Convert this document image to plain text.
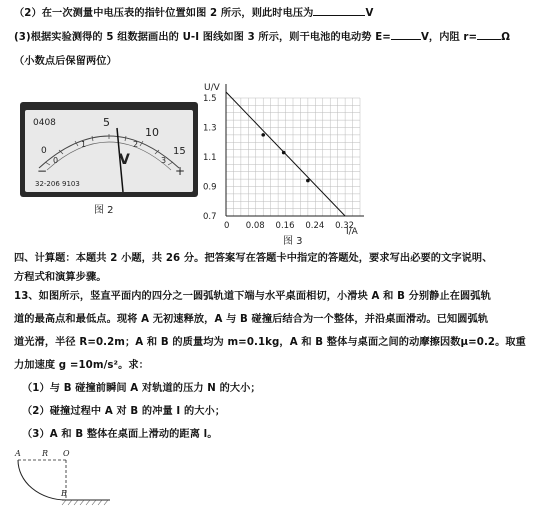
（2）在一次测量中电压表的指针位置如图 2 所示，则此时电压为	V
(3)根据实验测得的 5 组数据画出的 U-I 图线如图 3 所示，则干电池的电动势 E=	V，内阻 r= Ω
（小数点后保留两位）
0408
0
5
10
15
0
1	2
3
V
32-206 9103
−	+
图 2
0.7
0.9
1.1
1.3
1.5
0 0.08 0.16 0.24 0.32
U/V
I/A
图 3
四、计算题：本题共 2 小题，共 26 分。把答案写在答题卡中指定的答题处，要求写出必要的文字说明、
方程式和演算步骤。
13、如图所示，竖直平面内的四分之一圆弧轨道下端与水平桌面相切，小滑块 A 和 B 分别静止在圆弧轨
道的最高点和最低点。现将 A 无初速释放，A 与 B 碰撞后结合为一个整体，并沿桌面滑动。已知圆弧轨
道光滑，半径 R=0.2m；A 和 B 的质量均为 m=0.1kg，A 和 B 整体与桌面之间的动摩擦因数μ=0.2。取重
力加速度 g =10m/s²。求：
（1）与 B 碰撞前瞬间 A 对轨道的压力 N 的大小；
（2）碰撞过程中 A 对 B 的冲量 I 的大小；
（3）A 和 B 整体在桌面上滑动的距离 l。
A	R O
B
